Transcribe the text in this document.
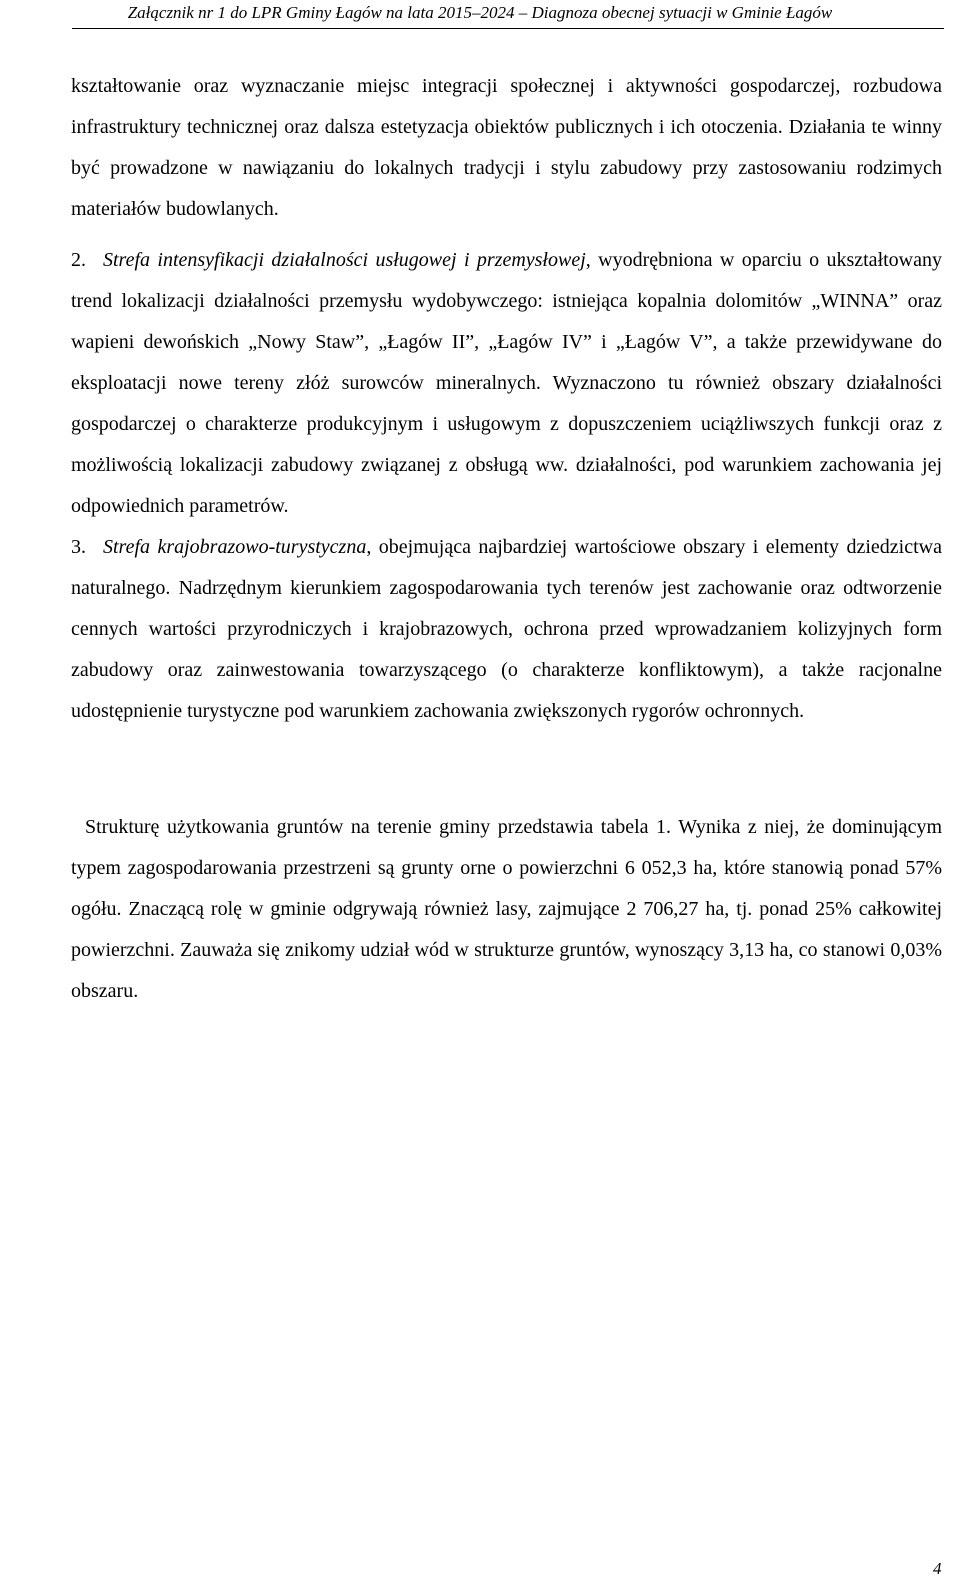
Załącznik nr 1 do LPR Gminy Łagów na lata 2015–2024 – Diagnoza obecnej sytuacji w Gminie Łagów

kształtowanie oraz wyznaczanie miejsc integracji społecznej i aktywności gospodarczej, rozbudowa infrastruktury technicznej oraz dalsza estetyzacja obiektów publicznych i ich otoczenia. Działania te winny być prowadzone w nawiązaniu do lokalnych tradycji i stylu zabudowy przy zastosowaniu rodzimych materiałów budowlanych.

2. Strefa intensyfikacji działalności usługowej i przemysłowej, wyodrębniona w oparciu o ukształtowany trend lokalizacji działalności przemysłu wydobywczego: istniejąca kopalnia dolomitów „WINNA” oraz wapieni dewońskich „Nowy Staw”, „Łagów II”, „Łagów IV” i „Łagów V”, a także przewidywane do eksploatacji nowe tereny złóż surowców mineralnych. Wyznaczono tu również obszary działalności gospodarczej o charakterze produkcyjnym i usługowym z dopuszczeniem uciążliwszych funkcji oraz z możliwością lokalizacji zabudowy związanej z obsługą ww. działalności, pod warunkiem zachowania jej odpowiednich parametrów.
3. Strefa krajobrazowo-turystyczna, obejmująca najbardziej wartościowe obszary i elementy dziedzictwa naturalnego. Nadrzędnym kierunkiem zagospodarowania tych terenów jest zachowanie oraz odtworzenie cennych wartości przyrodniczych i krajobrazowych, ochrona przed wprowadzaniem kolizyjnych form zabudowy oraz zainwestowania towarzyszącego (o charakterze konfliktowym), a także racjonalne udostępnienie turystyczne pod warunkiem zachowania zwiększonych rygorów ochronnych.

Strukturę użytkowania gruntów na terenie gminy przedstawia tabela 1. Wynika z niej, że dominującym typem zagospodarowania przestrzeni są grunty orne o powierzchni 6 052,3 ha, które stanowią ponad 57% ogółu. Znaczącą rolę w gminie odgrywają również lasy, zajmujące 2 706,27 ha, tj. ponad 25% całkowitej powierzchni. Zauważa się znikomy udział wód w strukturze gruntów, wynoszący 3,13 ha, co stanowi 0,03% obszaru.

4
